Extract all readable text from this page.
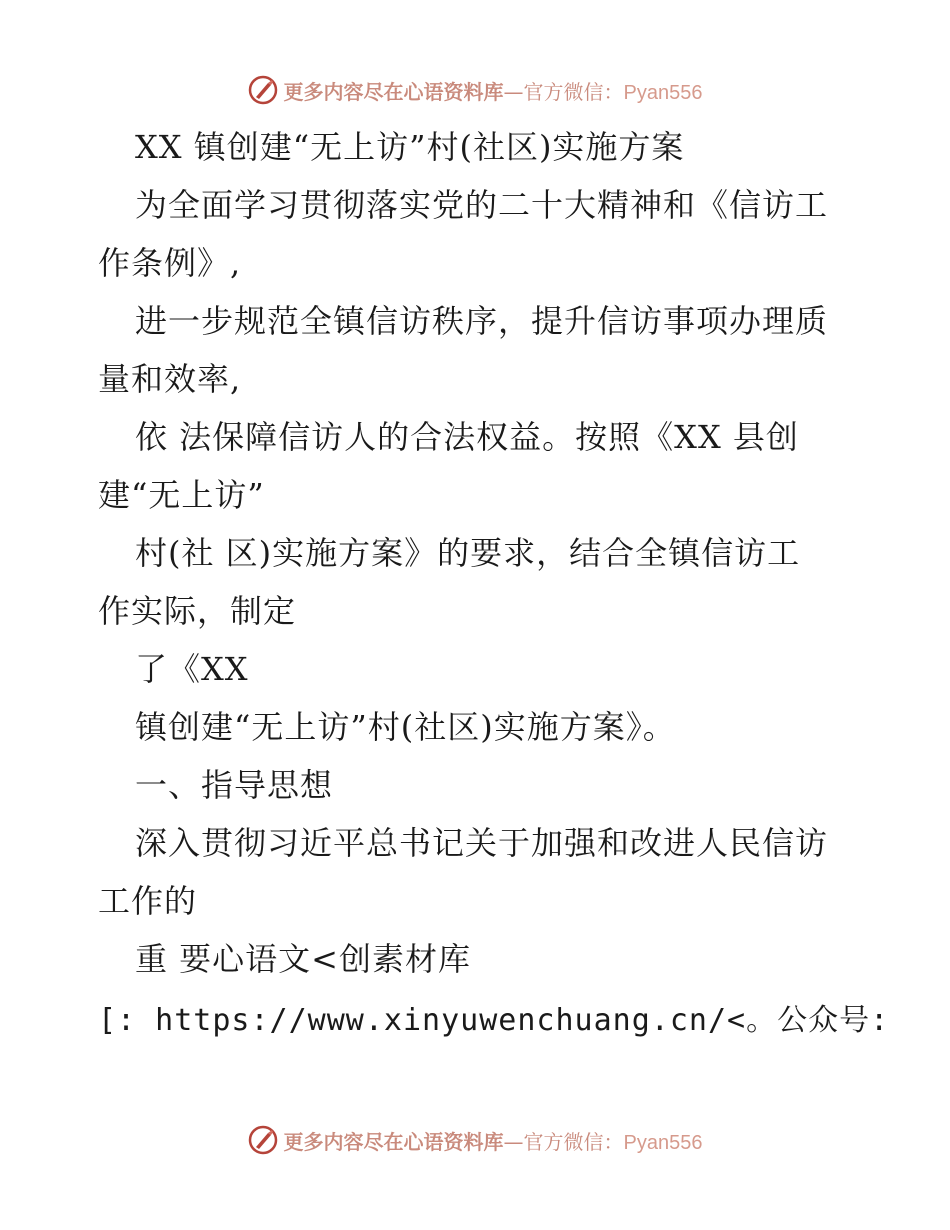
更多内容尽在心语资料库—官方微信：Pyan556
XX 镇创建“无上访”村(社区)实施方案
为全面学习贯彻落实党的二十大精神和《信访工
作条例》,
进一步规范全镇信访秩序，提升信访事项办理质
量和效率,
依 法保障信访人的合法权益。按照《XX 县创
建“无上访”
村(社 区)实施方案》的要求，结合全镇信访工
作实际，制定
了《XX
镇创建“无上访”村(社区)实施方案》。
一、指导思想
深入贯彻习近平总书记关于加强和改进人民信访
工作的
重 要心语文<创素材库
[: https://www.xinyuwenchuang.cn/<。公众号:
更多内容尽在心语资料库—官方微信：Pyan556
